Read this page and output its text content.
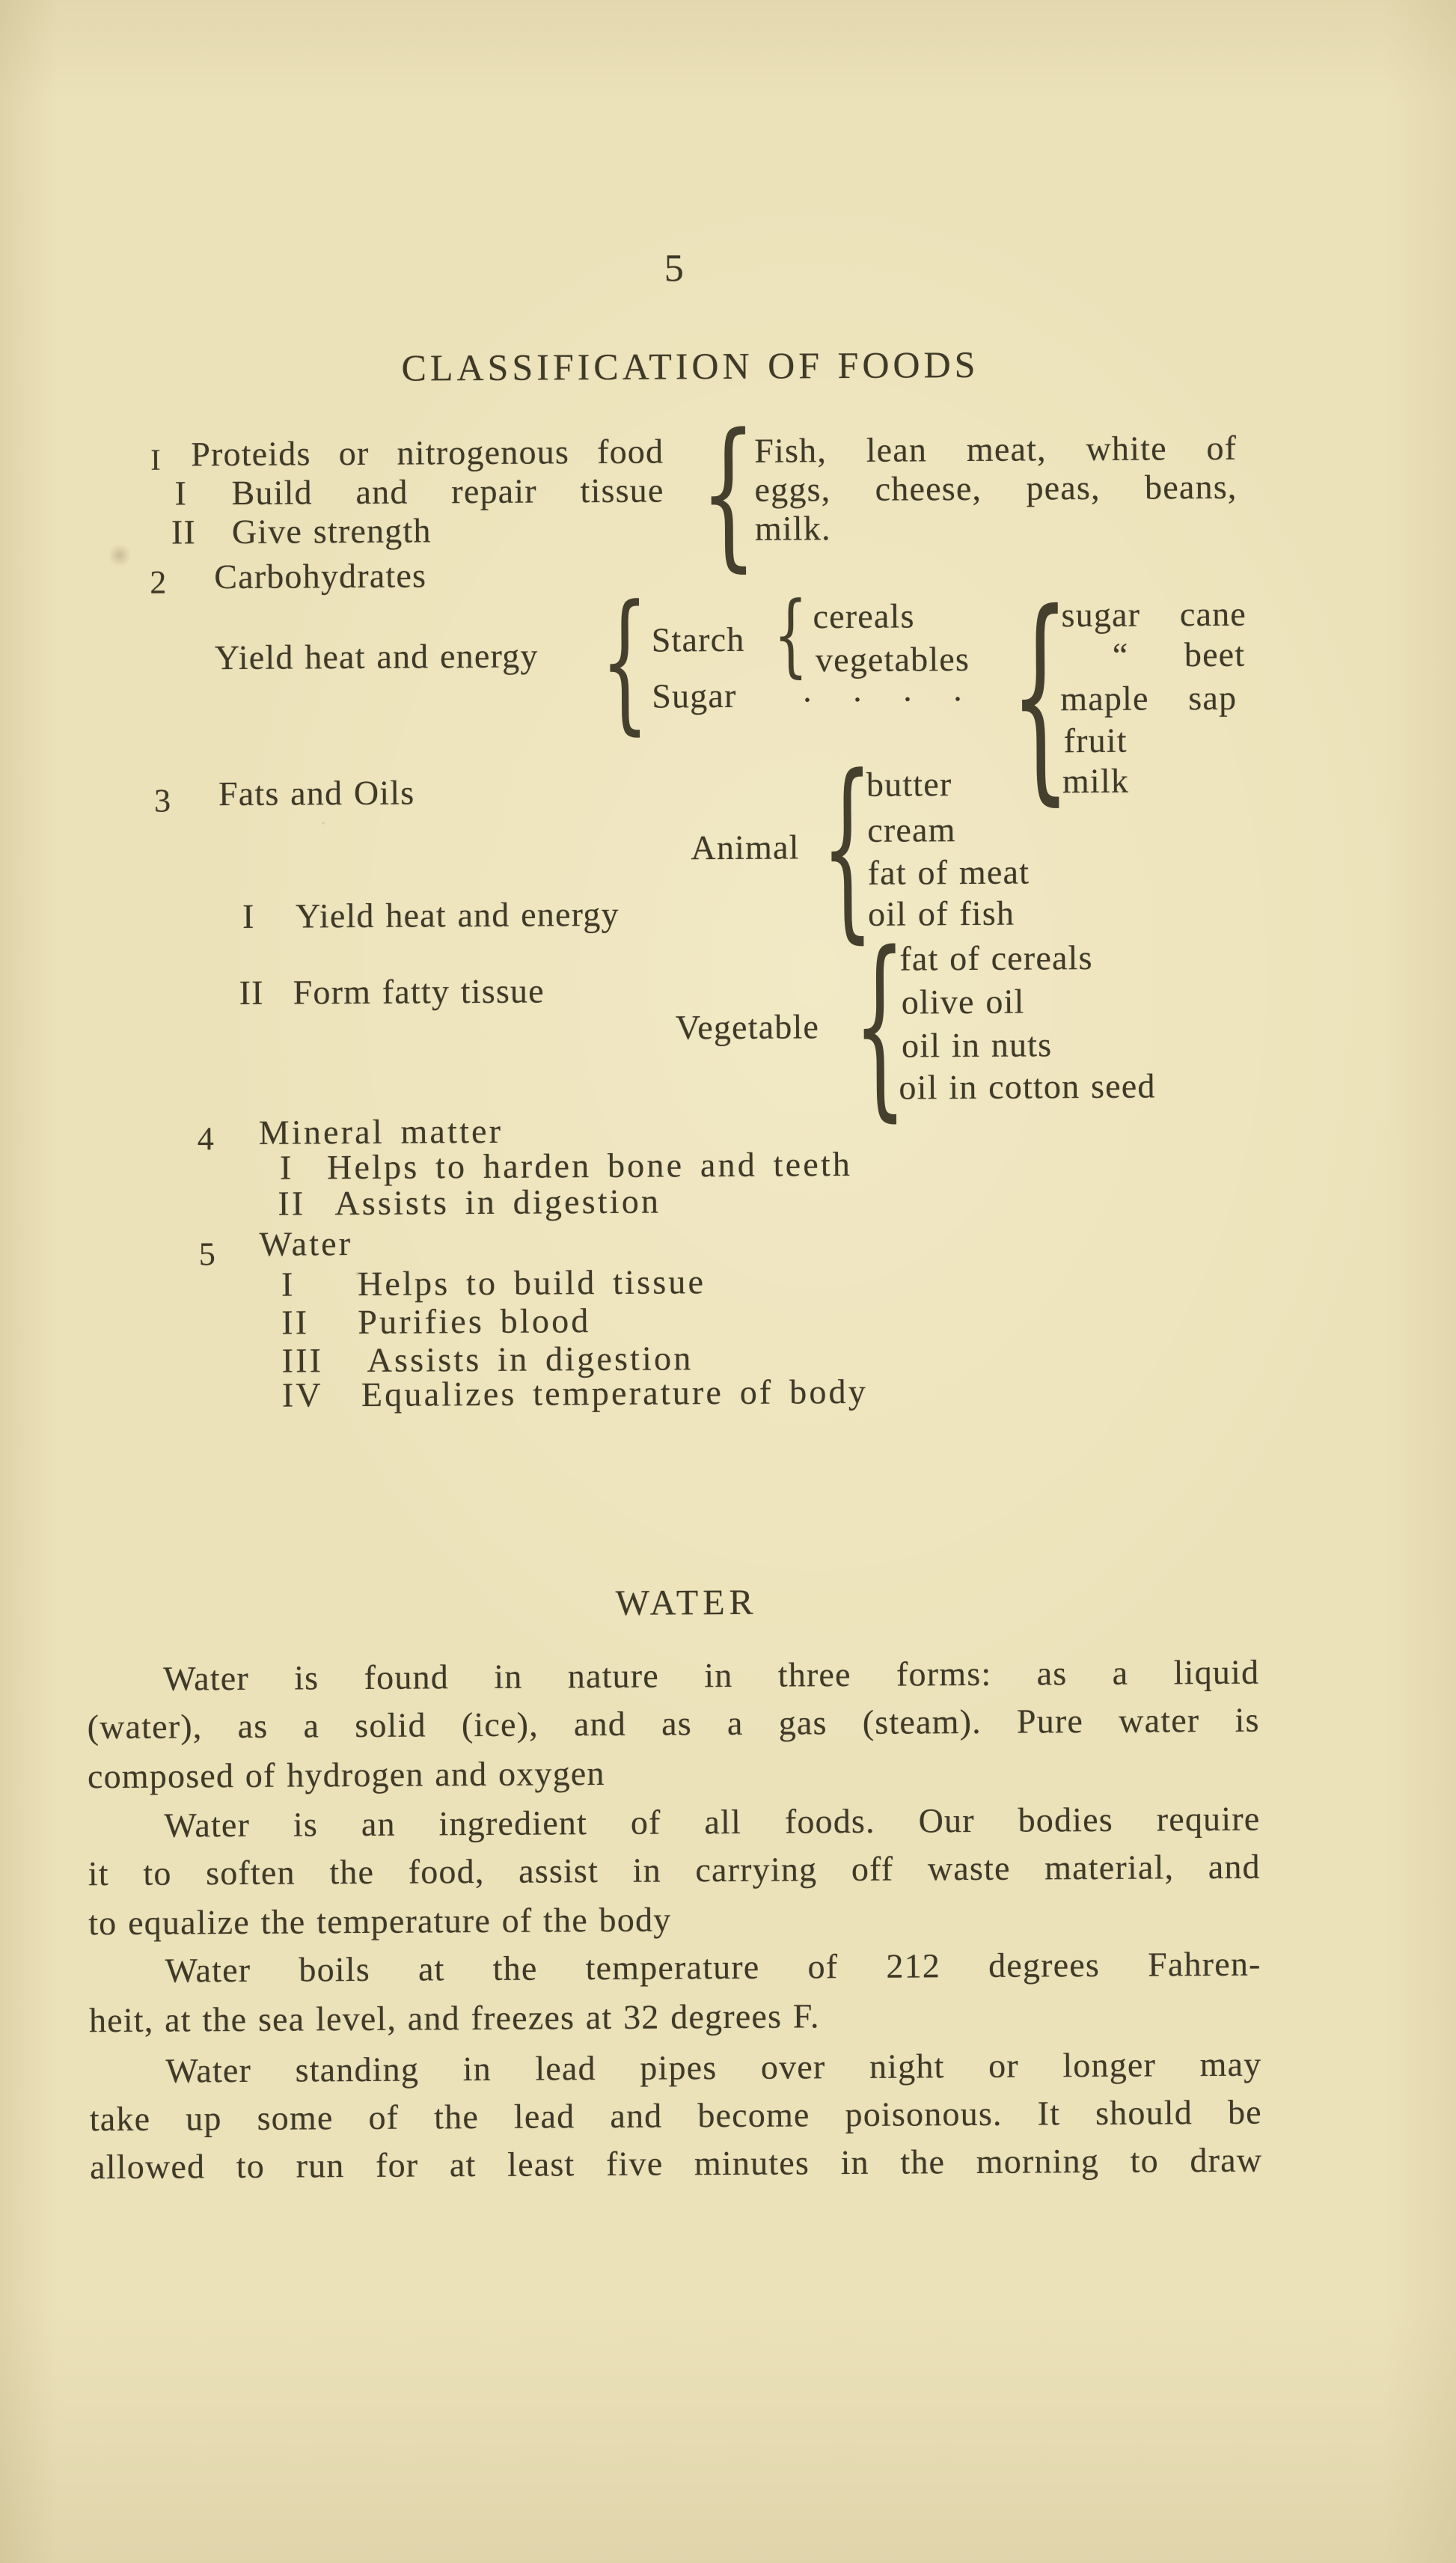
5
CLASSIFICATION OF FOODS
I Proteids or nitrogenous food {
Fish, lean meat, white of
I Build and repair tissue	eggs, cheese, peas, beans,
II Give strength	milk.
2 Carbohydrates
Yield heat and energy { Starch { cereals
vegetables
Sugar . . . . {
sugar cane
“ beet
maple sap
fruit
milk
3 Fats and Oils
Animal {
butter
cream
fat of meat
oil of fish
I Yield heat and energy
II Form fatty tissue
Vegetable {
fat of cereals
olive oil
oil in nuts
oil in cotton seed
4 Mineral matter
I Helps to harden bone and teeth
II Assists in digestion
5 Water
I Helps to build tissue
II Purifies blood
III Assists in digestion
IV Equalizes temperature of body
WATER
Water is found in nature in three forms: as a liquid
(water), as a solid (ice), and as a gas (steam). Pure water is
composed of hydrogen and oxygen
Water is an ingredient of all foods. Our bodies require
it to soften the food, assist in carrying off waste material, and
to equalize the temperature of the body
Water boils at the temperature of 212 degrees Fahren-
heit, at the sea level, and freezes at 32 degrees F.
Water standing in lead pipes over night or longer may
take up some of the lead and become poisonous. It should be
allowed to run for at least five minutes in the morning to draw
